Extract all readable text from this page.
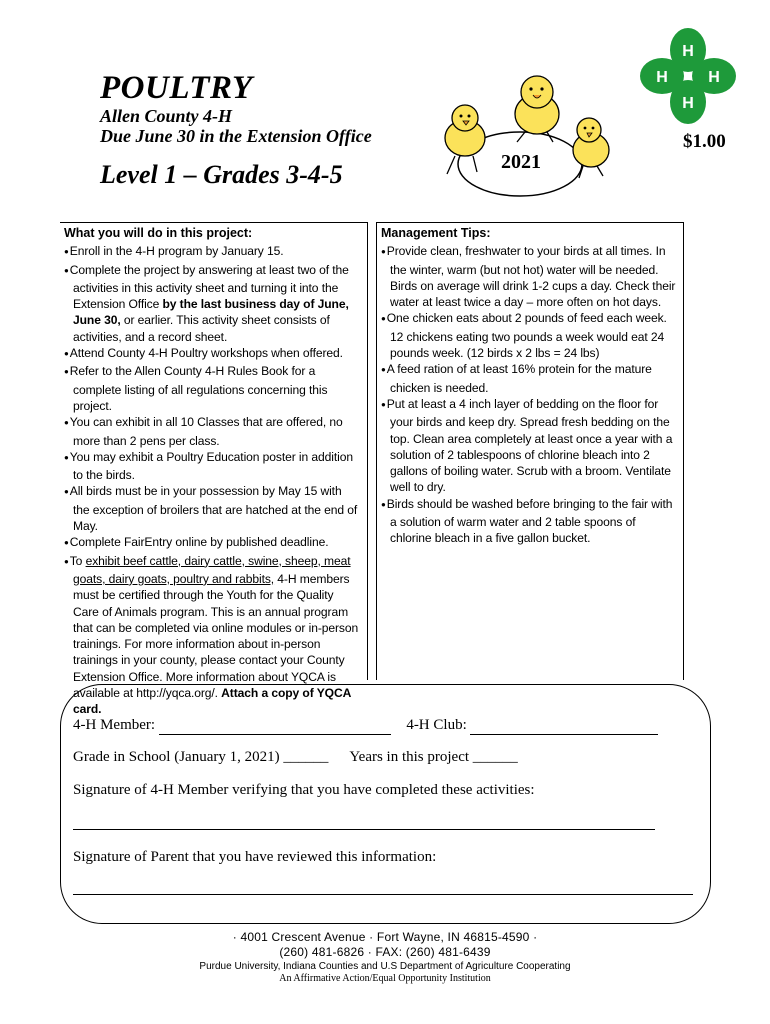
POULTRY
Allen County 4-H
Due June 30 in the Extension Office
Level 1 – Grades 3-4-5	2021
H
H
H	H
$1.00
What you will do in this project:
● Enroll in the 4-H program by January 15.
● Complete the project by answering at least two of the activities in this activity sheet and turning it into the Extension Office by the last business day of June, June 30, or earlier. This activity sheet consists of activities, and a record sheet.
● Attend County 4-H Poultry workshops when offered.
● Refer to the Allen County 4-H Rules Book for a complete listing of all regulations concerning this project.
● You can exhibit in all 10 Classes that are offered, no more than 2 pens per class.
● You may exhibit a Poultry Education poster in addition to the birds.
● All birds must be in your possession by May 15 with the exception of broilers that are hatched at the end of May.
● Complete FairEntry online by published deadline.
● To exhibit beef cattle, dairy cattle, swine, sheep, meat goats, dairy goats, poultry and rabbits, 4-H members must be certified through the Youth for the Quality Care of Animals program. This is an annual program that can be completed via online modules or in-person trainings. For more information about in-person trainings in your county, please contact your County Extension Office. More information about YQCA is available at http://yqca.org/. Attach a copy of YQCA card.
Management Tips:
● Provide clean, freshwater to your birds at all times. In the winter, warm (but not hot) water will be needed. Birds on average will drink 1-2 cups a day. Check their water at least twice a day – more often on hot days.
● One chicken eats about 2 pounds of feed each week. 12 chickens eating two pounds a week would eat 24 pounds week. (12 birds x 2 lbs = 24 lbs)
● A feed ration of at least 16% protein for the mature chicken is needed.
● Put at least a 4 inch layer of bedding on the floor for your birds and keep dry. Spread fresh bedding on the top. Clean area completely at least once a year with a solution of 2 tablespoons of chlorine bleach into 2 gallons of boiling water. Scrub with a broom. Ventilate well to dry.
● Birds should be washed before bringing to the fair with a solution of warm water and 2 table spoons of chlorine bleach in a five gallon bucket.
4-H Member:	4-H Club:
Grade in School (January 1, 2021) ______ Years in this project ______
Signature of 4-H Member verifying that you have completed these activities:
Signature of Parent that you have reviewed this information:
· 4001 Crescent Avenue · Fort Wayne, IN 46815-4590 ·
(260) 481-6826 · FAX: (260) 481-6439
Purdue University, Indiana Counties and U.S Department of Agriculture Cooperating
An Affirmative Action/Equal Opportunity Institution
